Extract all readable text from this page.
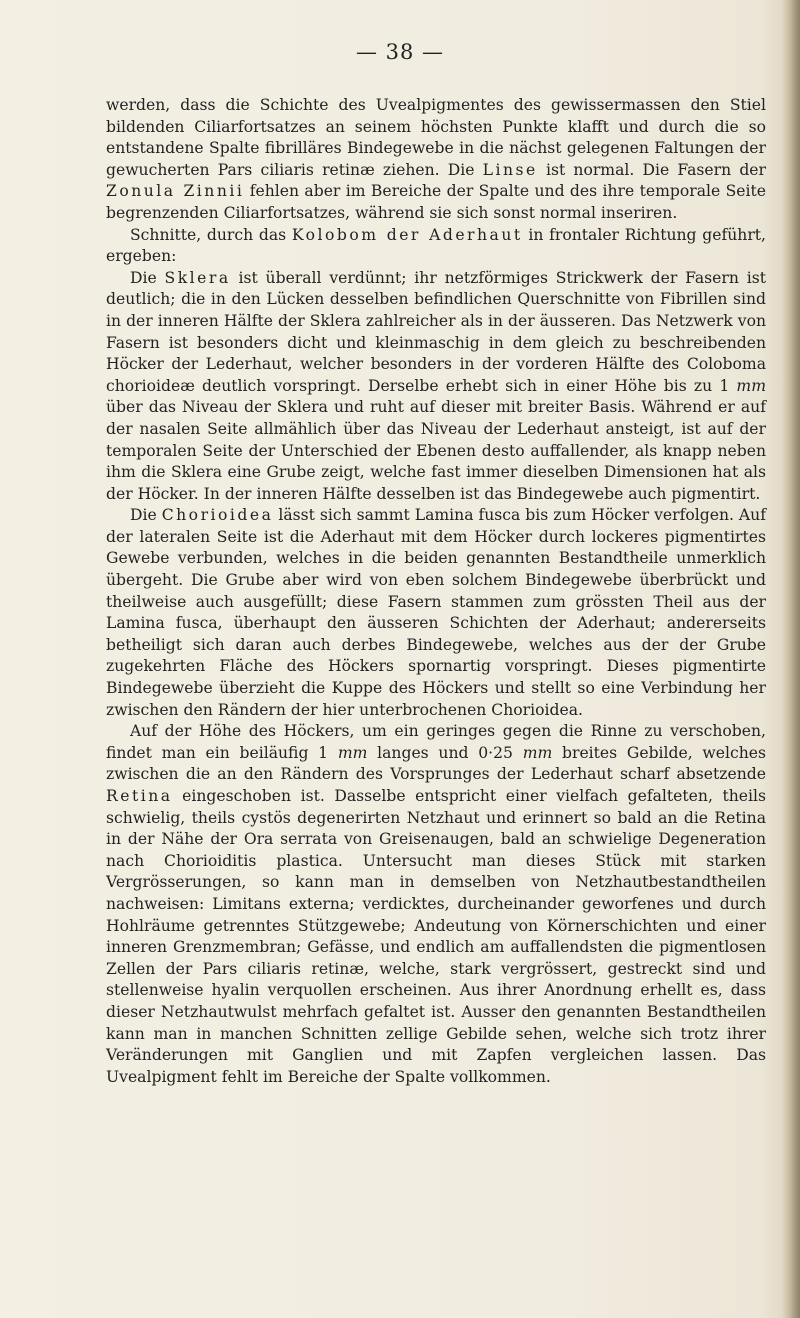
— 38 —

werden, dass die Schichte des Uvealpigmentes des gewissermassen den Stiel bildenden Ciliarfortsatzes an seinem höchsten Punkte klafft und durch die so entstandene Spalte fibrilläres Bindegewebe in die nächst gelegenen Faltungen der gewucherten Pars ciliaris retinæ ziehen. Die Linse ist normal. Die Fasern der Zonula Zinnii fehlen aber im Bereiche der Spalte und des ihre temporale Seite begrenzenden Ciliarfortsatzes, während sie sich sonst normal inseriren.

Schnitte, durch das Kolobom der Aderhaut in frontaler Richtung geführt, ergeben:

Die Sklera ist überall verdünnt; ihr netzförmiges Strickwerk der Fasern ist deutlich; die in den Lücken desselben befindlichen Querschnitte von Fibrillen sind in der inneren Hälfte der Sklera zahlreicher als in der äusseren. Das Netzwerk von Fasern ist besonders dicht und kleinmaschig in dem gleich zu beschreibenden Höcker der Lederhaut, welcher besonders in der vorderen Hälfte des Coloboma chorioideæ deutlich vorspringt. Derselbe erhebt sich in einer Höhe bis zu 1 mm über das Niveau der Sklera und ruht auf dieser mit breiter Basis. Während er auf der nasalen Seite allmählich über das Niveau der Lederhaut ansteigt, ist auf der temporalen Seite der Unterschied der Ebenen desto auffallender, als knapp neben ihm die Sklera eine Grube zeigt, welche fast immer dieselben Dimensionen hat als der Höcker. In der inneren Hälfte desselben ist das Bindegewebe auch pigmentirt.

Die Chorioidea lässt sich sammt Lamina fusca bis zum Höcker verfolgen. Auf der lateralen Seite ist die Aderhaut mit dem Höcker durch lockeres pigmentirtes Gewebe verbunden, welches in die beiden genannten Bestandtheile unmerklich übergeht. Die Grube aber wird von eben solchem Bindegewebe überbrückt und theilweise auch ausgefüllt; diese Fasern stammen zum grössten Theil aus der Lamina fusca, überhaupt den äusseren Schichten der Aderhaut; andererseits betheiligt sich daran auch derbes Bindegewebe, welches aus der der Grube zugekehrten Fläche des Höckers spornartig vorspringt. Dieses pigmentirte Bindegewebe überzieht die Kuppe des Höckers und stellt so eine Verbindung her zwischen den Rändern der hier unterbrochenen Chorioidea.

Auf der Höhe des Höckers, um ein geringes gegen die Rinne zu verschoben, findet man ein beiläufig 1 mm langes und 0·25 mm breites Gebilde, welches zwischen die an den Rändern des Vorsprunges der Lederhaut scharf absetzende Retina eingeschoben ist. Dasselbe entspricht einer vielfach gefalteten, theils schwielig, theils cystös degenerirten Netzhaut und erinnert so bald an die Retina in der Nähe der Ora serrata von Greisenaugen, bald an schwielige Degeneration nach Chorioiditis plastica. Untersucht man dieses Stück mit starken Vergrösserungen, so kann man in demselben von Netzhautbestandtheilen nachweisen: Limitans externa; verdicktes, durcheinander geworfenes und durch Hohlräume getrenntes Stützgewebe; Andeutung von Körnerschichten und einer inneren Grenzmembran; Gefässe, und endlich am auffallendsten die pigmentlosen Zellen der Pars ciliaris retinæ, welche, stark vergrössert, gestreckt sind und stellenweise hyalin verquollen erscheinen. Aus ihrer Anordnung erhellt es, dass dieser Netzhautwulst mehrfach gefaltet ist. Ausser den genannten Bestandtheilen kann man in manchen Schnitten zellige Gebilde sehen, welche sich trotz ihrer Veränderungen mit Ganglien und mit Zapfen vergleichen lassen. Das Uvealpigment fehlt im Bereiche der Spalte vollkommen.
